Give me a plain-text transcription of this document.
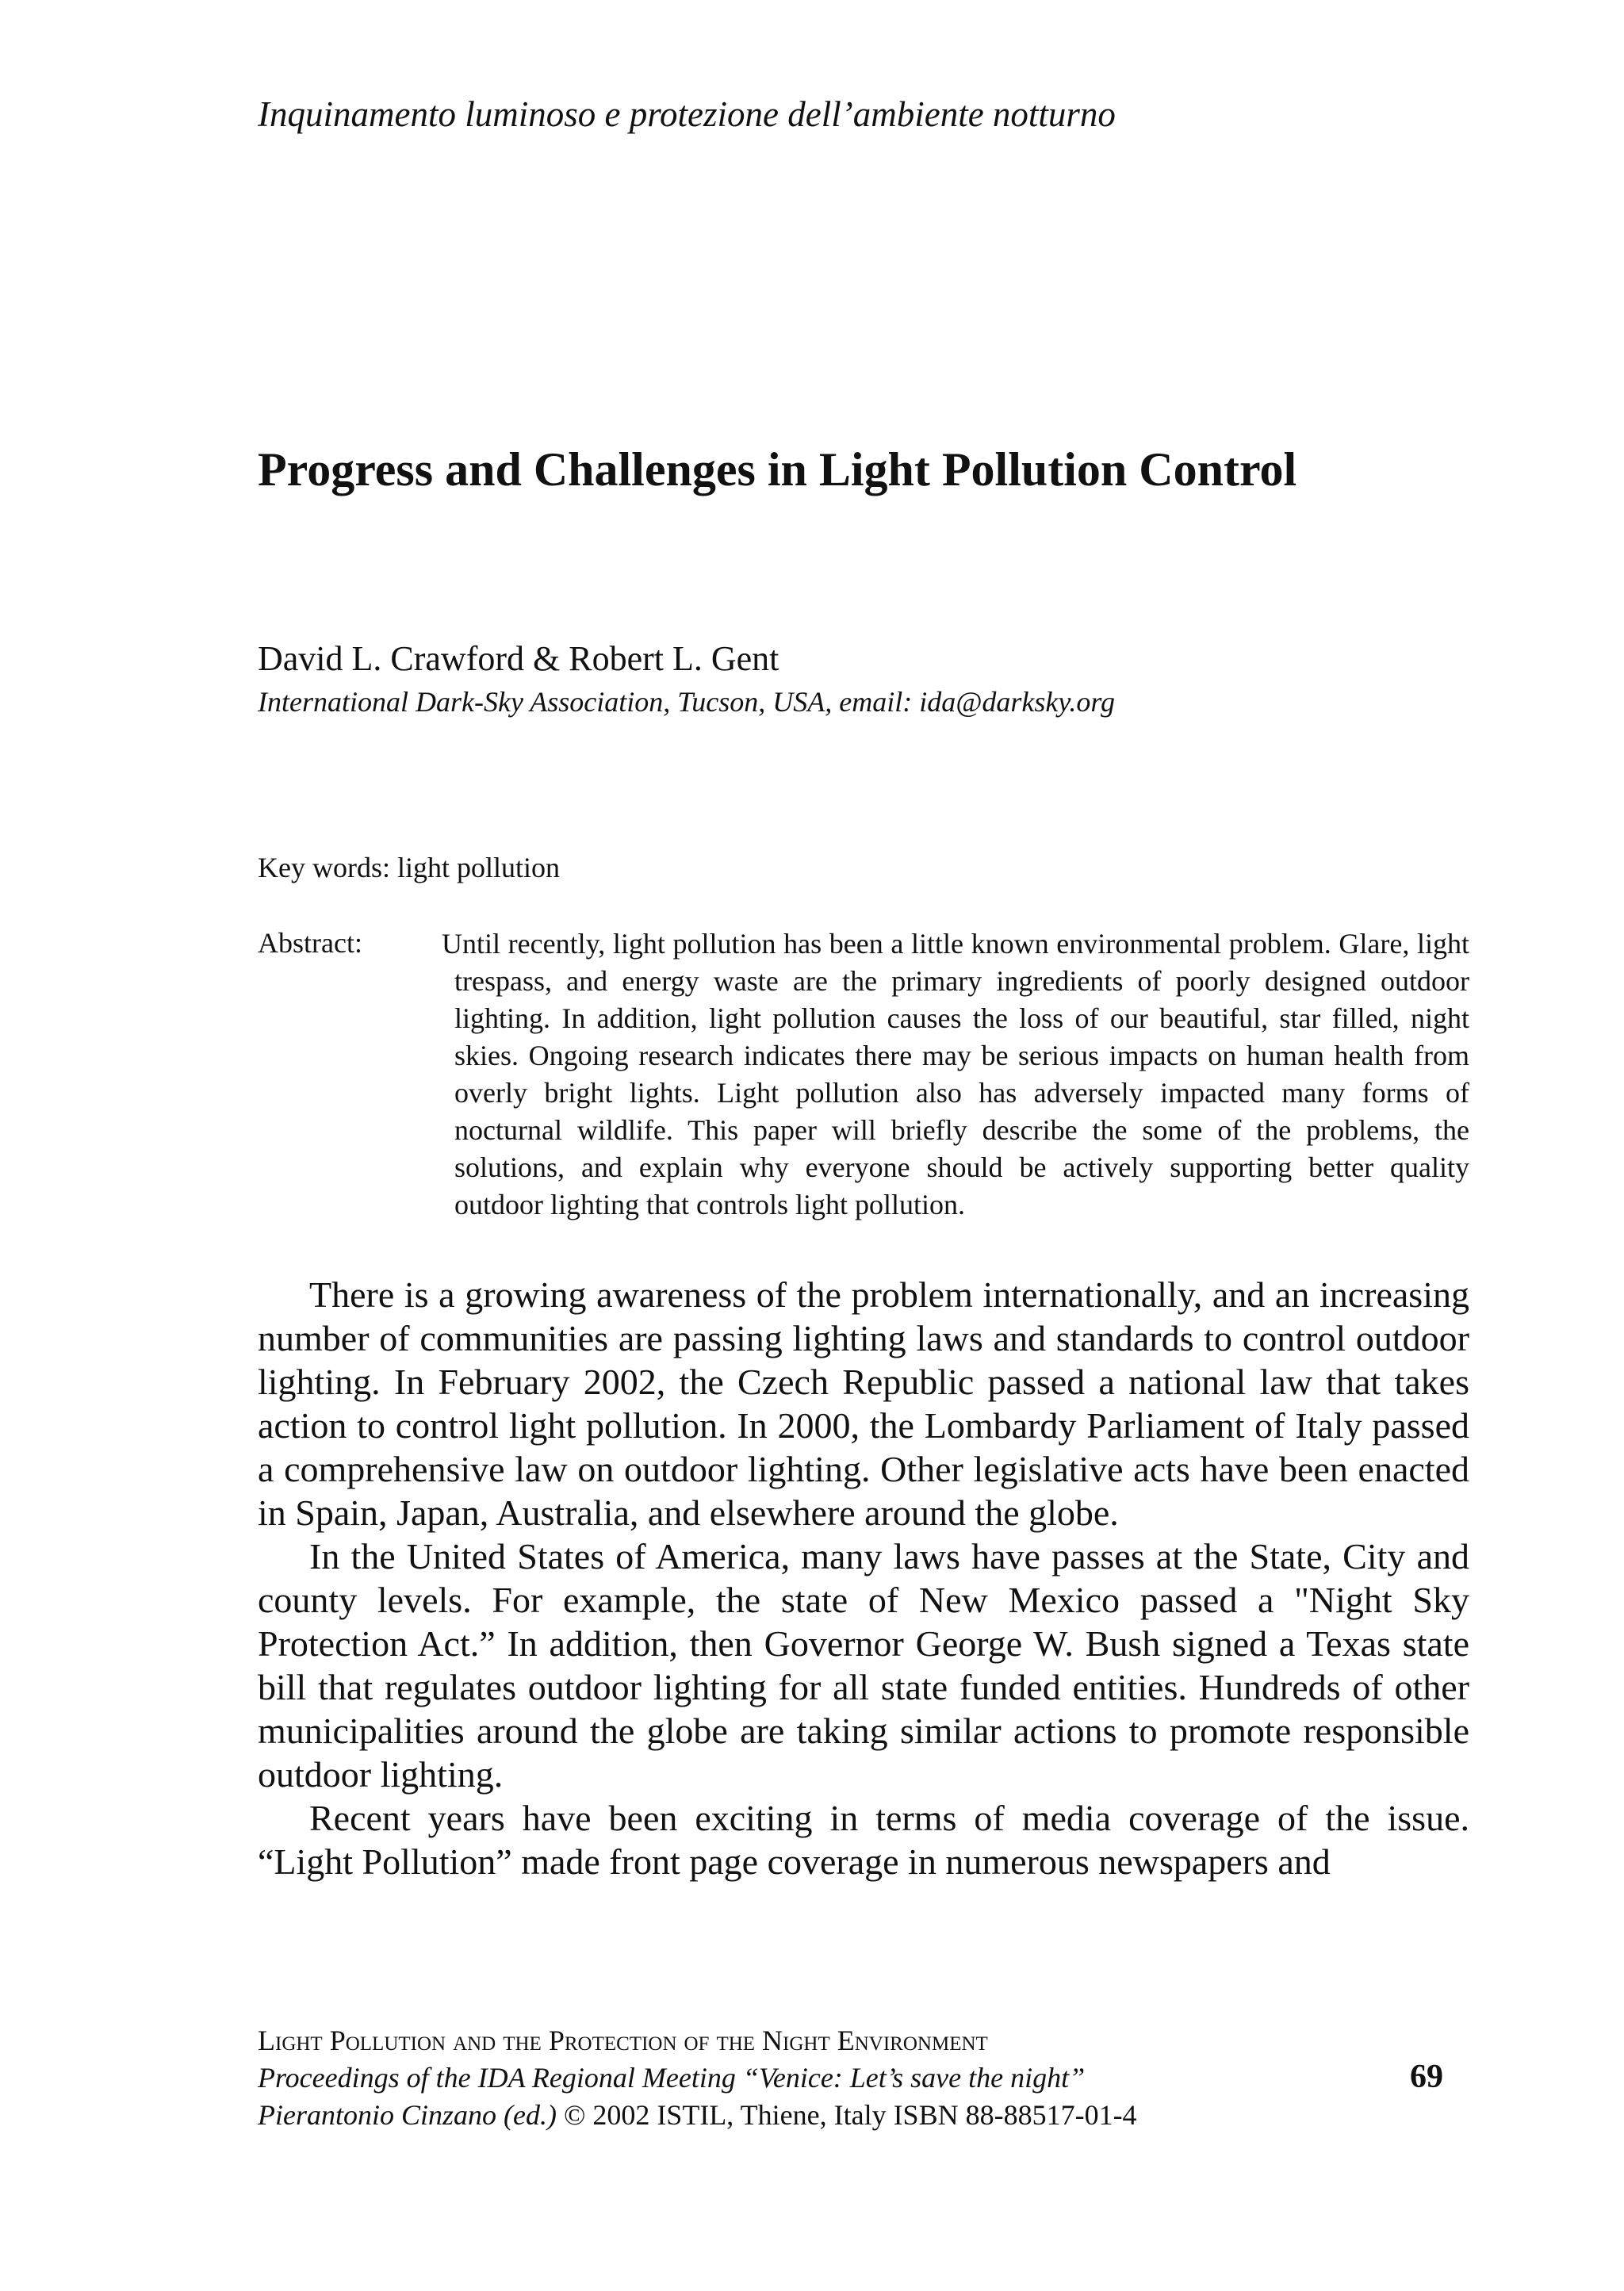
Inquinamento luminoso e protezione dell’ambiente notturno
Progress and Challenges in Light Pollution Control
David L. Crawford & Robert L. Gent
International Dark-Sky Association, Tucson, USA, email: ida@darksky.org
Key words: light pollution
Abstract:	Until recently, light pollution has been a little known environmental problem. Glare, light trespass, and energy waste are the primary ingredients of poorly designed outdoor lighting. In addition, light pollution causes the loss of our beautiful, star filled, night skies. Ongoing research indicates there may be serious impacts on human health from overly bright lights. Light pollution also has adversely impacted many forms of nocturnal wildlife. This paper will briefly describe the some of the problems, the solutions, and explain why everyone should be actively supporting better quality outdoor lighting that controls light pollution.

There is a growing awareness of the problem internationally, and an increasing number of communities are passing lighting laws and standards to control outdoor lighting. In February 2002, the Czech Republic passed a national law that takes action to control light pollution. In 2000, the Lombardy Parliament of Italy passed a comprehensive law on outdoor lighting. Other legislative acts have been enacted in Spain, Japan, Australia, and elsewhere around the globe.

In the United States of America, many laws have passes at the State, City and county levels. For example, the state of New Mexico passed a "Night Sky Protection Act.” In addition, then Governor George W. Bush signed a Texas state bill that regulates outdoor lighting for all state funded entities. Hundreds of other municipalities around the globe are taking similar actions to promote responsible outdoor lighting.

Recent years have been exciting in terms of media coverage of the issue. “Light Pollution” made front page coverage in numerous newspapers and

Light Pollution and the Protection of the Night Environment
Proceedings of the IDA Regional Meeting “Venice: Let’s save the night”
Pierantonio Cinzano (ed.) © 2002 ISTIL, Thiene, Italy ISBN 88-88517-01-4
69
